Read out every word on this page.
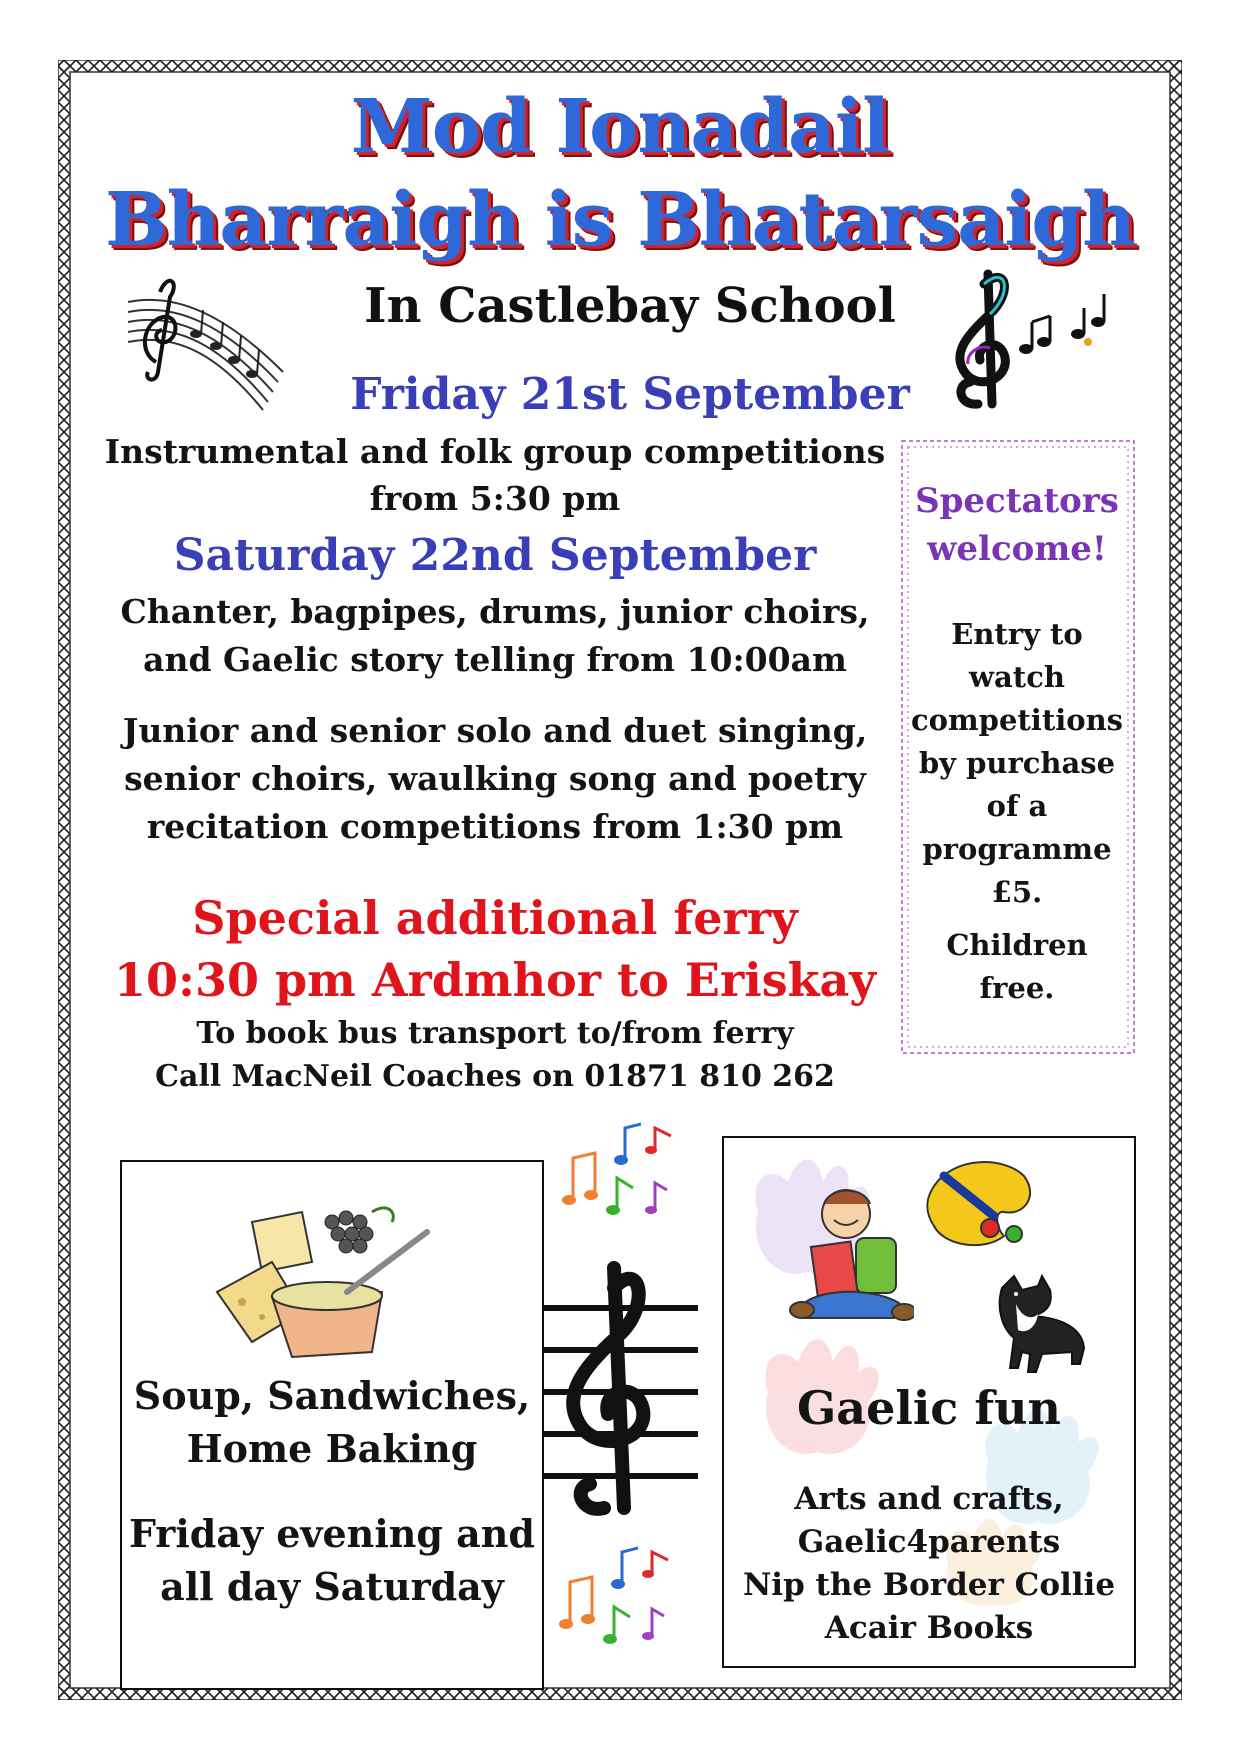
Mod Ionadail
Bharraigh is Bhatarsaigh
In Castlebay School
Friday 21st September
Instrumental and folk group competitions
from 5:30 pm
Saturday 22nd September
Chanter, bagpipes, drums, junior choirs,
and Gaelic story telling from 10:00am
Junior and senior solo and duet singing,
senior choirs, waulking song and poetry
recitation competitions from 1:30 pm
Special additional ferry
10:30 pm Ardmhor to Eriskay
To book bus transport to/from ferry
Call MacNeil Coaches on 01871 810 262
Spectators
welcome!
Entry to
watch
competitions
by purchase
of a
programme
£5.
Children
free.
Soup, Sandwiches,
Home Baking
Friday evening and
all day Saturday
Gaelic fun
Arts and crafts,
Gaelic4parents
Nip the Border Collie
Acair Books
